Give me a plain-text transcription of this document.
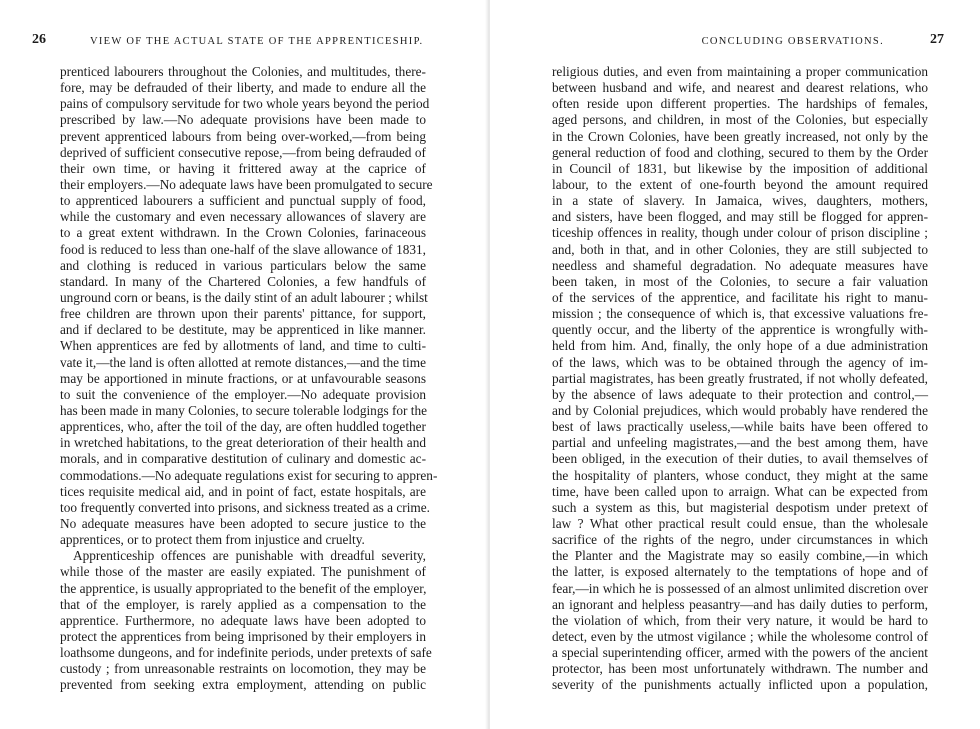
26	VIEW OF THE ACTUAL STATE OF THE APPRENTICESHIP.
prenticed labourers throughout the Colonies, and multitudes, there-
fore, may be defrauded of their liberty, and made to endure all the
pains of compulsory servitude for two whole years beyond the period
prescribed by law.—No adequate provisions have been made to
prevent apprenticed labours from being over-worked,—from being
deprived of sufficient consecutive repose,—from being defrauded of
their own time, or having it frittered away at the caprice of
their employers.—No adequate laws have been promulgated to secure
to apprenticed labourers a sufficient and punctual supply of food,
while the customary and even necessary allowances of slavery are
to a great extent withdrawn. In the Crown Colonies, farinaceous
food is reduced to less than one-half of the slave allowance of 1831,
and clothing is reduced in various particulars below the same
standard. In many of the Chartered Colonies, a few handfuls of
unground corn or beans, is the daily stint of an adult labourer ; whilst
free children are thrown upon their parents' pittance, for support,
and if declared to be destitute, may be apprenticed in like manner.
When apprentices are fed by allotments of land, and time to culti-
vate it,—the land is often allotted at remote distances,—and the time
may be apportioned in minute fractions, or at unfavourable seasons
to suit the convenience of the employer.—No adequate provision
has been made in many Colonies, to secure tolerable lodgings for the
apprentices, who, after the toil of the day, are often huddled together
in wretched habitations, to the great deterioration of their health and
morals, and in comparative destitution of culinary and domestic ac-
commodations.—No adequate regulations exist for securing to appren-
tices requisite medical aid, and in point of fact, estate hospitals, are
too frequently converted into prisons, and sickness treated as a crime.
No adequate measures have been adopted to secure justice to the
apprentices, or to protect them from injustice and cruelty.
Apprenticeship offences are punishable with dreadful severity,
while those of the master are easily expiated. The punishment of
the apprentice, is usually appropriated to the benefit of the employer,
that of the employer, is rarely applied as a compensation to the
apprentice. Furthermore, no adequate laws have been adopted to
protect the apprentices from being imprisoned by their employers in
loathsome dungeons, and for indefinite periods, under pretexts of safe
custody ; from unreasonable restraints on locomotion, they may be
prevented from seeking extra employment, attending on public
CONCLUDING OBSERVATIONS.	27
religious duties, and even from maintaining a proper communication
between husband and wife, and nearest and dearest relations, who
often reside upon different properties. The hardships of females,
aged persons, and children, in most of the Colonies, but especially
in the Crown Colonies, have been greatly increased, not only by the
general reduction of food and clothing, secured to them by the Order
in Council of 1831, but likewise by the imposition of additional
labour, to the extent of one-fourth beyond the amount required
in a state of slavery. In Jamaica, wives, daughters, mothers,
and sisters, have been flogged, and may still be flogged for appren-
ticeship offences in reality, though under colour of prison discipline ;
and, both in that, and in other Colonies, they are still subjected to
needless and shameful degradation. No adequate measures have
been taken, in most of the Colonies, to secure a fair valuation
of the services of the apprentice, and facilitate his right to manu-
mission ; the consequence of which is, that excessive valuations fre-
quently occur, and the liberty of the apprentice is wrongfully with-
held from him. And, finally, the only hope of a due administration
of the laws, which was to be obtained through the agency of im-
partial magistrates, has been greatly frustrated, if not wholly defeated,
by the absence of laws adequate to their protection and control,—
and by Colonial prejudices, which would probably have rendered the
best of laws practically useless,—while baits have been offered to
partial and unfeeling magistrates,—and the best among them, have
been obliged, in the execution of their duties, to avail themselves of
the hospitality of planters, whose conduct, they might at the same
time, have been called upon to arraign. What can be expected from
such a system as this, but magisterial despotism under pretext of
law ? What other practical result could ensue, than the wholesale
sacrifice of the rights of the negro, under circumstances in which
the Planter and the Magistrate may so easily combine,—in which
the latter, is exposed alternately to the temptations of hope and of
fear,—in which he is possessed of an almost unlimited discretion over
an ignorant and helpless peasantry—and has daily duties to perform,
the violation of which, from their very nature, it would be hard to
detect, even by the utmost vigilance ; while the wholesome control of
a special superintending officer, armed with the powers of the ancient
protector, has been most unfortunately withdrawn. The number and
severity of the punishments actually inflicted upon a population,
